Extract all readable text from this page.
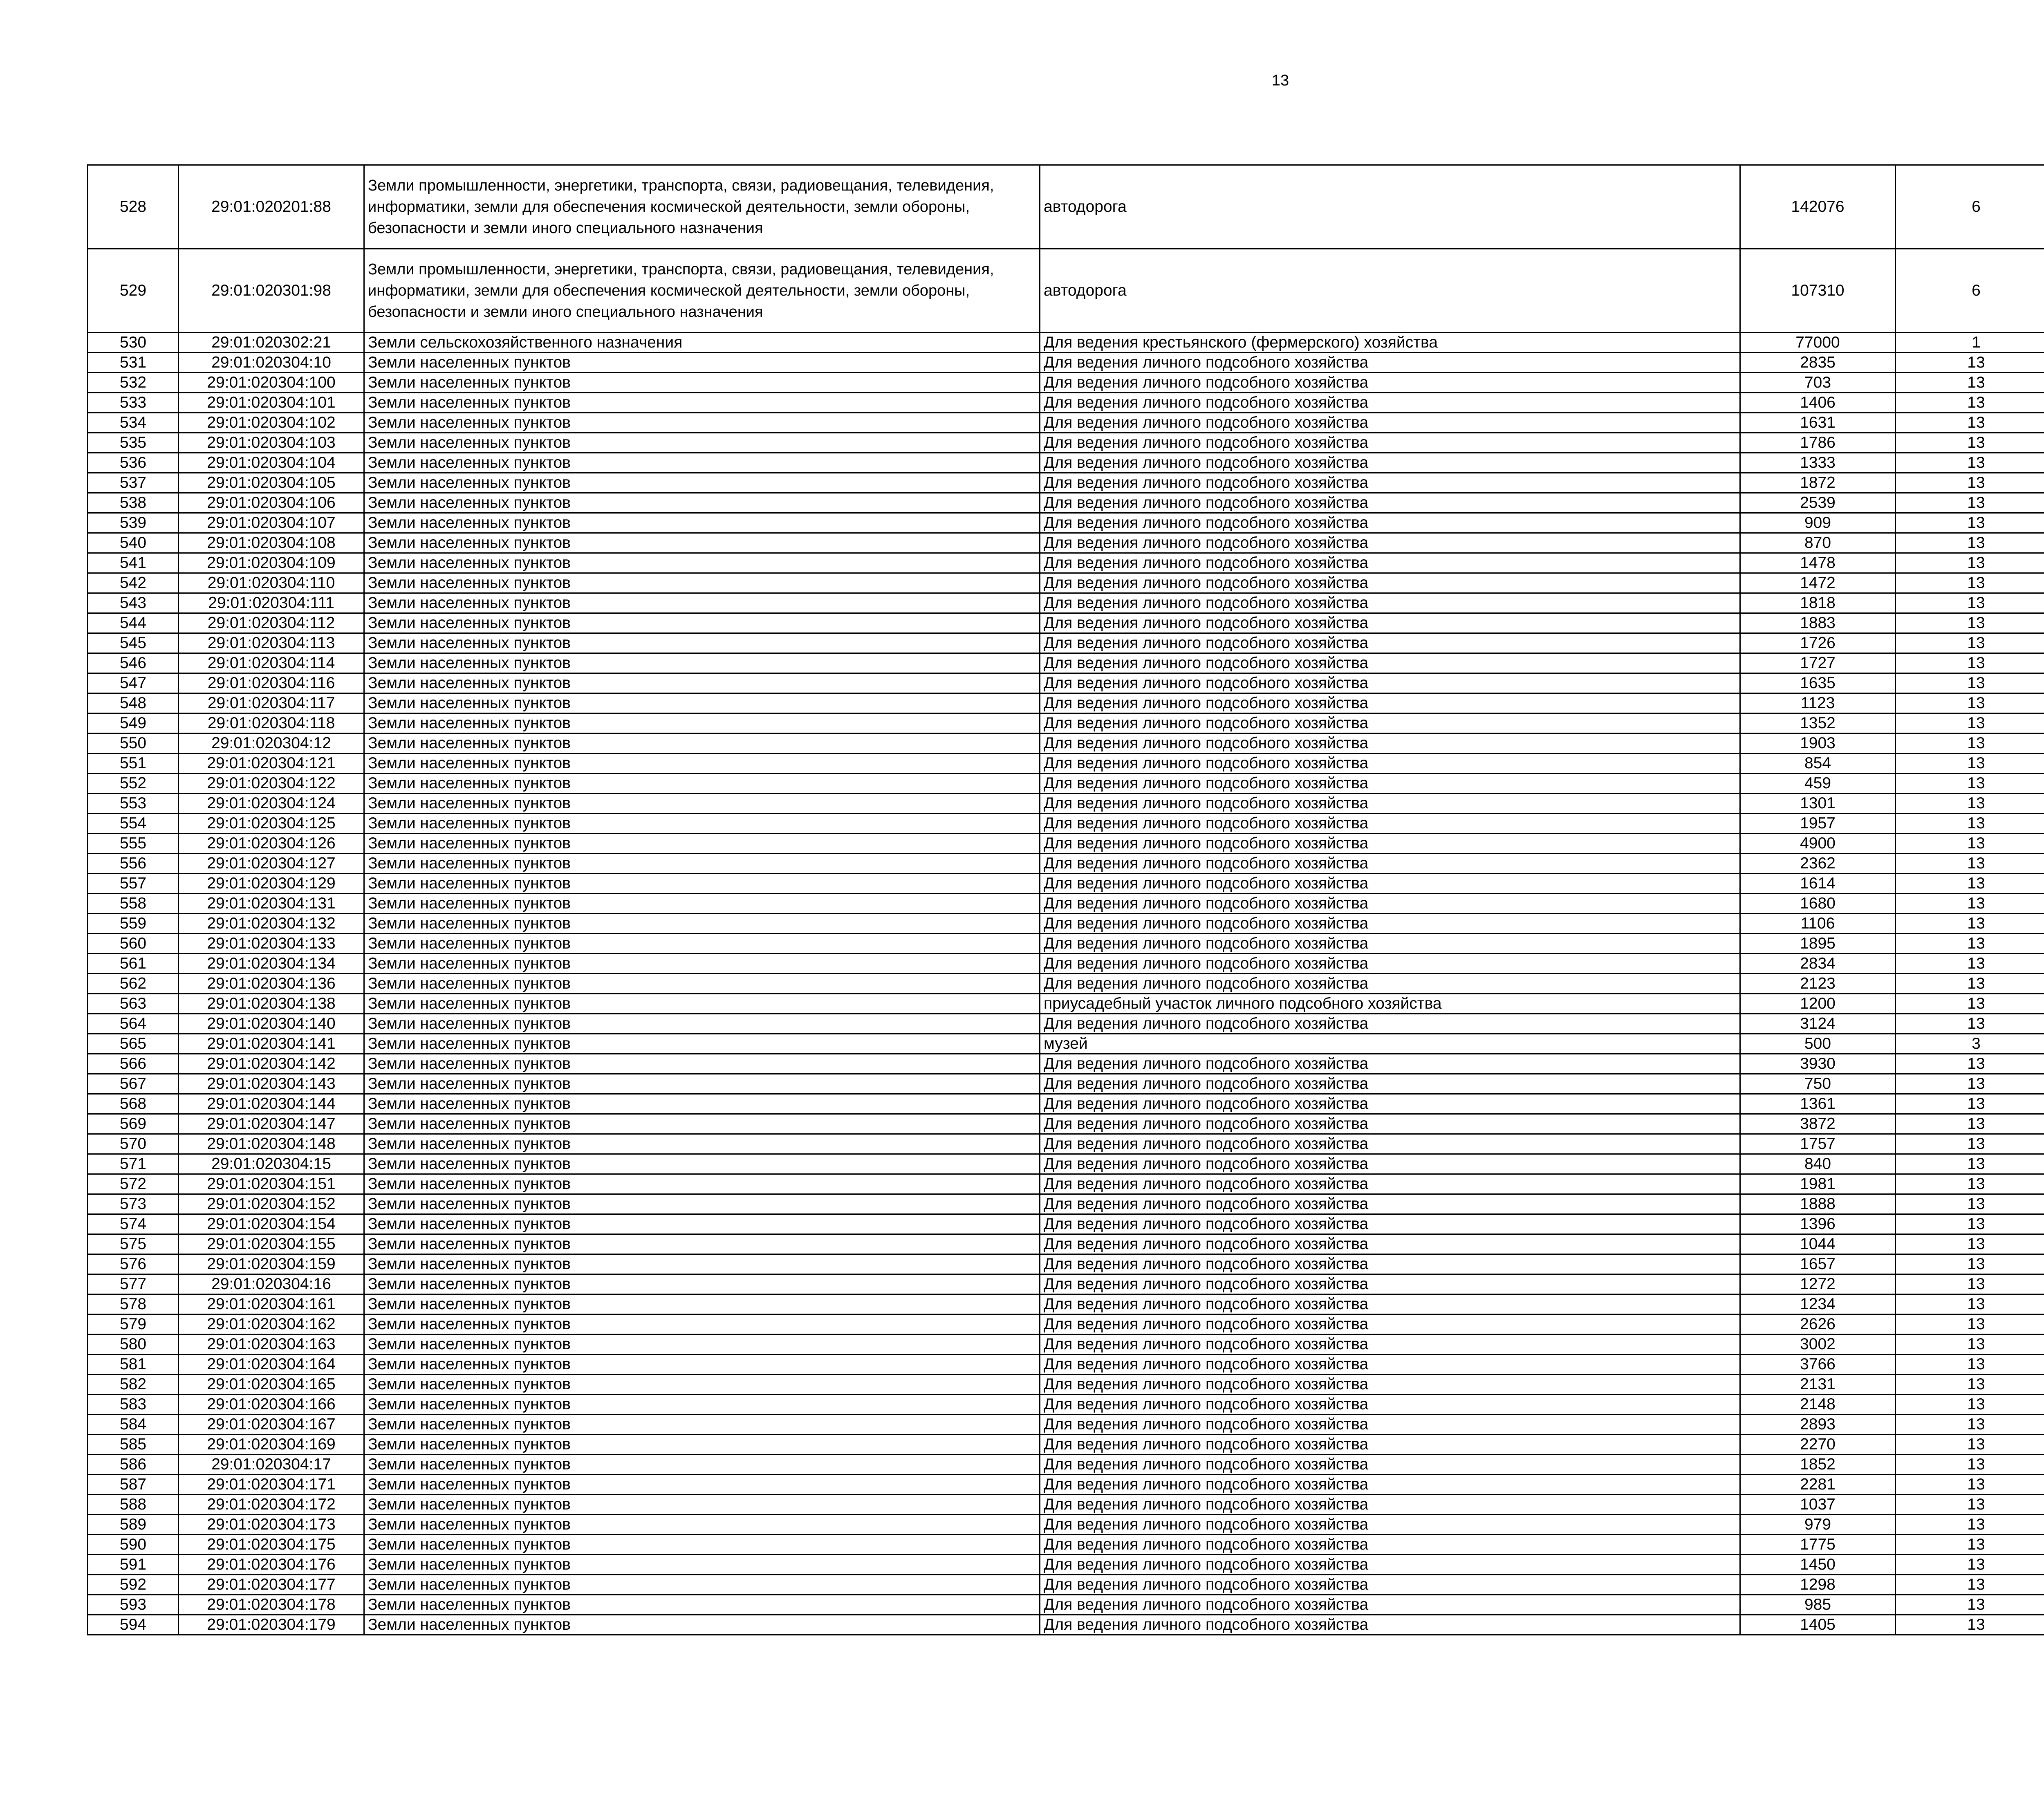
13
528	29:01:020201:88	Земли промышленности, энергетики, транспорта, связи, радиовещания, телевидения, информатики, земли для обеспечения космической деятельности, земли обороны, безопасности и земли иного специального назначения	автодорога	142076	6		
529	29:01:020301:98	Земли промышленности, энергетики, транспорта, связи, радиовещания, телевидения, информатики, земли для обеспечения космической деятельности, земли обороны, безопасности и земли иного специального назначения	автодорога	107310	6		
530	29:01:020302:21	Земли сельскохозяйственного назначения	Для ведения крестьянского (фермерского) хозяйства	77000	1		
531	29:01:020304:10	Земли населенных пунктов	Для ведения личного подсобного хозяйства	2835	13		
532	29:01:020304:100	Земли населенных пунктов	Для ведения личного подсобного хозяйства	703	13		
533	29:01:020304:101	Земли населенных пунктов	Для ведения личного подсобного хозяйства	1406	13		
534	29:01:020304:102	Земли населенных пунктов	Для ведения личного подсобного хозяйства	1631	13		
535	29:01:020304:103	Земли населенных пунктов	Для ведения личного подсобного хозяйства	1786	13		
536	29:01:020304:104	Земли населенных пунктов	Для ведения личного подсобного хозяйства	1333	13		
537	29:01:020304:105	Земли населенных пунктов	Для ведения личного подсобного хозяйства	1872	13		
538	29:01:020304:106	Земли населенных пунктов	Для ведения личного подсобного хозяйства	2539	13		
539	29:01:020304:107	Земли населенных пунктов	Для ведения личного подсобного хозяйства	909	13		
540	29:01:020304:108	Земли населенных пунктов	Для ведения личного подсобного хозяйства	870	13		
541	29:01:020304:109	Земли населенных пунктов	Для ведения личного подсобного хозяйства	1478	13		
542	29:01:020304:110	Земли населенных пунктов	Для ведения личного подсобного хозяйства	1472	13		
543	29:01:020304:111	Земли населенных пунктов	Для ведения личного подсобного хозяйства	1818	13		
544	29:01:020304:112	Земли населенных пунктов	Для ведения личного подсобного хозяйства	1883	13		
545	29:01:020304:113	Земли населенных пунктов	Для ведения личного подсобного хозяйства	1726	13		
546	29:01:020304:114	Земли населенных пунктов	Для ведения личного подсобного хозяйства	1727	13		
547	29:01:020304:116	Земли населенных пунктов	Для ведения личного подсобного хозяйства	1635	13		
548	29:01:020304:117	Земли населенных пунктов	Для ведения личного подсобного хозяйства	1123	13		
549	29:01:020304:118	Земли населенных пунктов	Для ведения личного подсобного хозяйства	1352	13		
550	29:01:020304:12	Земли населенных пунктов	Для ведения личного подсобного хозяйства	1903	13		
551	29:01:020304:121	Земли населенных пунктов	Для ведения личного подсобного хозяйства	854	13		
552	29:01:020304:122	Земли населенных пунктов	Для ведения личного подсобного хозяйства	459	13		
553	29:01:020304:124	Земли населенных пунктов	Для ведения личного подсобного хозяйства	1301	13		
554	29:01:020304:125	Земли населенных пунктов	Для ведения личного подсобного хозяйства	1957	13		
555	29:01:020304:126	Земли населенных пунктов	Для ведения личного подсобного хозяйства	4900	13		
556	29:01:020304:127	Земли населенных пунктов	Для ведения личного подсобного хозяйства	2362	13		
557	29:01:020304:129	Земли населенных пунктов	Для ведения личного подсобного хозяйства	1614	13		
558	29:01:020304:131	Земли населенных пунктов	Для ведения личного подсобного хозяйства	1680	13		
559	29:01:020304:132	Земли населенных пунктов	Для ведения личного подсобного хозяйства	1106	13		
560	29:01:020304:133	Земли населенных пунктов	Для ведения личного подсобного хозяйства	1895	13		
561	29:01:020304:134	Земли населенных пунктов	Для ведения личного подсобного хозяйства	2834	13		
562	29:01:020304:136	Земли населенных пунктов	Для ведения личного подсобного хозяйства	2123	13		
563	29:01:020304:138	Земли населенных пунктов	приусадебный участок личного подсобного хозяйства	1200	13		
564	29:01:020304:140	Земли населенных пунктов	Для ведения личного подсобного хозяйства	3124	13		
565	29:01:020304:141	Земли населенных пунктов	музей	500	3		
566	29:01:020304:142	Земли населенных пунктов	Для ведения личного подсобного хозяйства	3930	13		
567	29:01:020304:143	Земли населенных пунктов	Для ведения личного подсобного хозяйства	750	13		
568	29:01:020304:144	Земли населенных пунктов	Для ведения личного подсобного хозяйства	1361	13		
569	29:01:020304:147	Земли населенных пунктов	Для ведения личного подсобного хозяйства	3872	13		
570	29:01:020304:148	Земли населенных пунктов	Для ведения личного подсобного хозяйства	1757	13		
571	29:01:020304:15	Земли населенных пунктов	Для ведения личного подсобного хозяйства	840	13		
572	29:01:020304:151	Земли населенных пунктов	Для ведения личного подсобного хозяйства	1981	13		
573	29:01:020304:152	Земли населенных пунктов	Для ведения личного подсобного хозяйства	1888	13		
574	29:01:020304:154	Земли населенных пунктов	Для ведения личного подсобного хозяйства	1396	13		
575	29:01:020304:155	Земли населенных пунктов	Для ведения личного подсобного хозяйства	1044	13		
576	29:01:020304:159	Земли населенных пунктов	Для ведения личного подсобного хозяйства	1657	13		
577	29:01:020304:16	Земли населенных пунктов	Для ведения личного подсобного хозяйства	1272	13		
578	29:01:020304:161	Земли населенных пунктов	Для ведения личного подсобного хозяйства	1234	13		
579	29:01:020304:162	Земли населенных пунктов	Для ведения личного подсобного хозяйства	2626	13		
580	29:01:020304:163	Земли населенных пунктов	Для ведения личного подсобного хозяйства	3002	13		
581	29:01:020304:164	Земли населенных пунктов	Для ведения личного подсобного хозяйства	3766	13		
582	29:01:020304:165	Земли населенных пунктов	Для ведения личного подсобного хозяйства	2131	13		
583	29:01:020304:166	Земли населенных пунктов	Для ведения личного подсобного хозяйства	2148	13		
584	29:01:020304:167	Земли населенных пунктов	Для ведения личного подсобного хозяйства	2893	13		
585	29:01:020304:169	Земли населенных пунктов	Для ведения личного подсобного хозяйства	2270	13		
586	29:01:020304:17	Земли населенных пунктов	Для ведения личного подсобного хозяйства	1852	13		
587	29:01:020304:171	Земли населенных пунктов	Для ведения личного подсобного хозяйства	2281	13		
588	29:01:020304:172	Земли населенных пунктов	Для ведения личного подсобного хозяйства	1037	13		
589	29:01:020304:173	Земли населенных пунктов	Для ведения личного подсобного хозяйства	979	13		
590	29:01:020304:175	Земли населенных пунктов	Для ведения личного подсобного хозяйства	1775	13		
591	29:01:020304:176	Земли населенных пунктов	Для ведения личного подсобного хозяйства	1450	13		
592	29:01:020304:177	Земли населенных пунктов	Для ведения личного подсобного хозяйства	1298	13		
593	29:01:020304:178	Земли населенных пунктов	Для ведения личного подсобного хозяйства	985	13		
594	29:01:020304:179	Земли населенных пунктов	Для ведения личного подсобного хозяйства	1405	13		
